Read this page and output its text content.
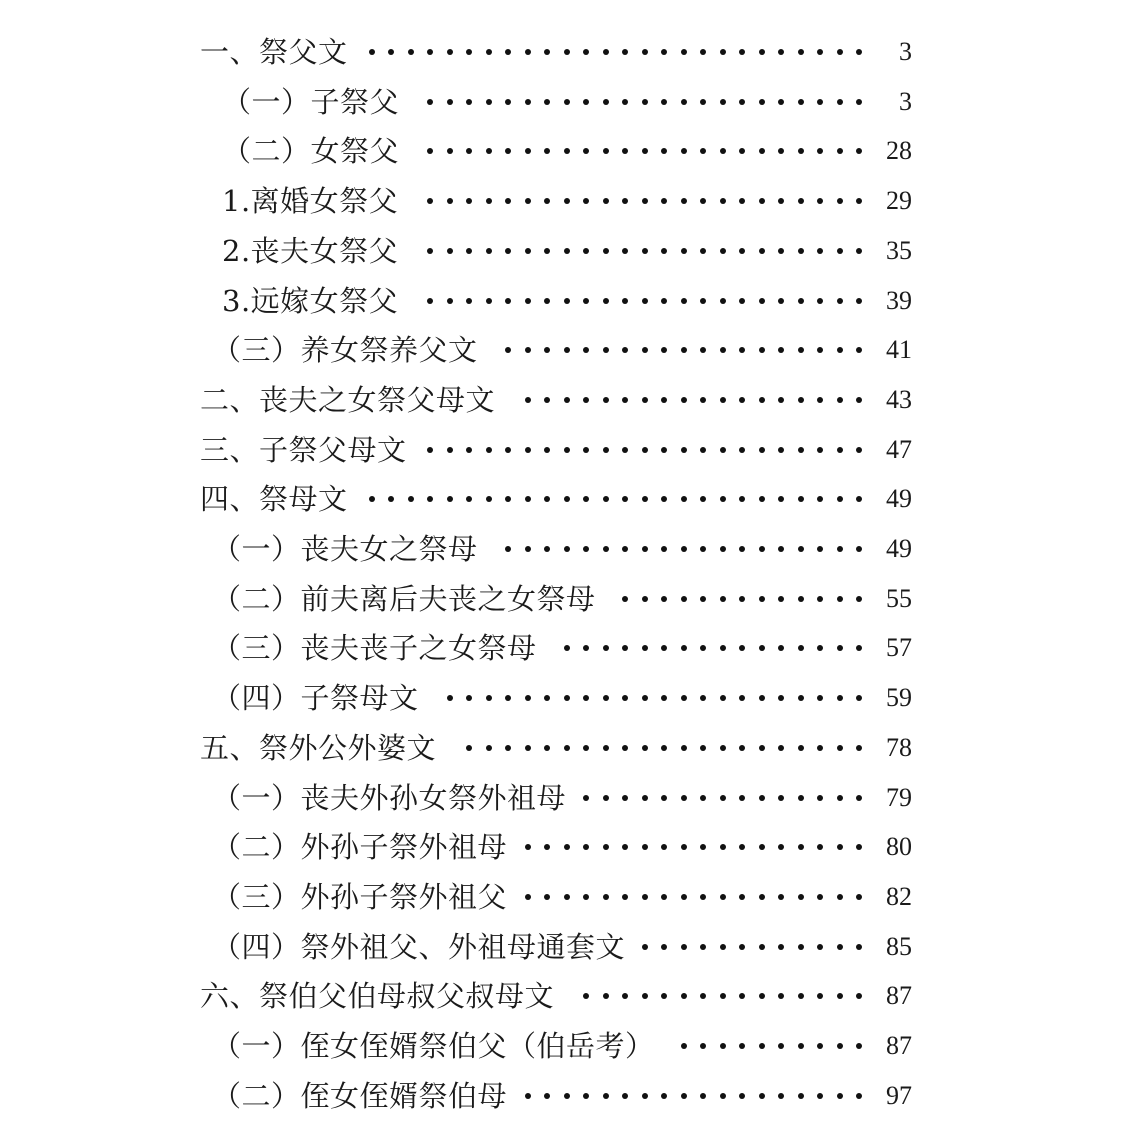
一、祭父文	3
（一）子祭父	3
（二）女祭父	28
1.离婚女祭父	29
2.丧夫女祭父	35
3.远嫁女祭父	39
（三）养女祭养父文	41
二、丧夫之女祭父母文	43
三、子祭父母文	47
四、祭母文	49
（一）丧夫女之祭母	49
（二）前夫离后夫丧之女祭母	55
（三）丧夫丧子之女祭母	57
（四）子祭母文	59
五、祭外公外婆文	78
（一）丧夫外孙女祭外祖母	79
（二）外孙子祭外祖母	80
（三）外孙子祭外祖父	82
（四）祭外祖父、外祖母通套文	85
六、祭伯父伯母叔父叔母文	87
（一）侄女侄婿祭伯父（伯岳考）	87
（二）侄女侄婿祭伯母	97
